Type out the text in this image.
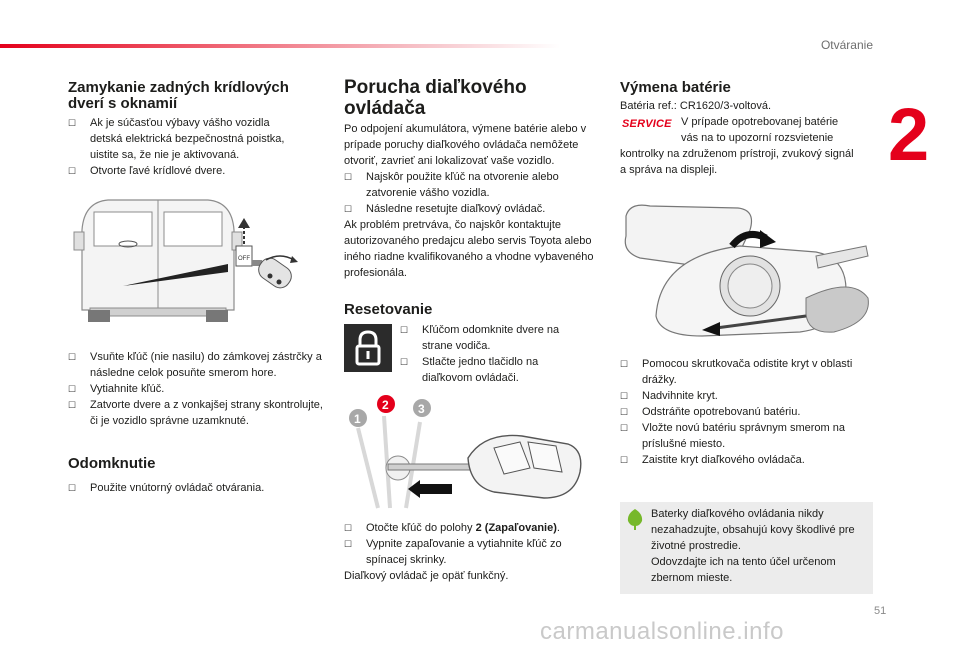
Otváranie
2
Zamykanie zadných krídlových dverí s oknamií
☐ Ak je súčasťou výbavy vášho vozidla detská elektrická bezpečnostná poistka, uistite sa, že nie je aktivovaná.
☐ Otvorte ľavé krídlové dvere.
OFF
☐ Vsuňte kľúč (nie nasilu) do zámkovej zástrčky a následne celok posuňte smerom hore.
☐ Vytiahnite kľúč.
☐ Zatvorte dvere a z vonkajšej strany skontrolujte, či je vozidlo správne uzamknuté.
Odomknutie
☐ Použite vnútorný ovládač otvárania.
Porucha diaľkového ovládača
Po odpojení akumulátora, výmene batérie alebo v prípade poruchy diaľkového ovládača nemôžete otvoriť, zavrieť ani lokalizovať vaše vozidlo.
☐ Najskôr použite kľúč na otvorenie alebo zatvorenie vášho vozidla.
☐ Následne resetujte diaľkový ovládač.
Ak problém pretrváva, čo najskôr kontaktujte autorizovaného predajcu alebo servis Toyota alebo iného riadne kvalifikovaného a vhodne vybaveného profesionála.
Resetovanie
☐ Kľúčom odomknite dvere na strane vodiča.
☐ Stlačte jedno tlačidlo na diaľkovom ovládači.
1
2 3
☐ Otočte kľúč do polohy 2 (Zapaľovanie).
☐ Vypnite zapaľovanie a vytiahnite kľúč zo spínacej skrinky.
Diaľkový ovládač je opäť funkčný.
Výmena batérie
Batéria ref.: CR1620/3-voltová.
SERVICE V prípade opotrebovanej batérie
vás na to upozorní rozsvietenie
kontrolky na združenom prístroji, zvukový signál a správa na displeji.
☐ Pomocou skrutkovača odistite kryt v oblasti drážky.
☐ Nadvihnite kryt.
☐ Odstráňte opotrebovanú batériu.
☐ Vložte novú batériu správnym smerom na príslušné miesto.
☐ Zaistite kryt diaľkového ovládača.
Baterky diaľkového ovládania nikdy nezahadzujte, obsahujú kovy škodlivé pre životné prostredie.
Odovzdajte ich na tento účel určenom zbernom mieste.
51
carmanualsonline.info
